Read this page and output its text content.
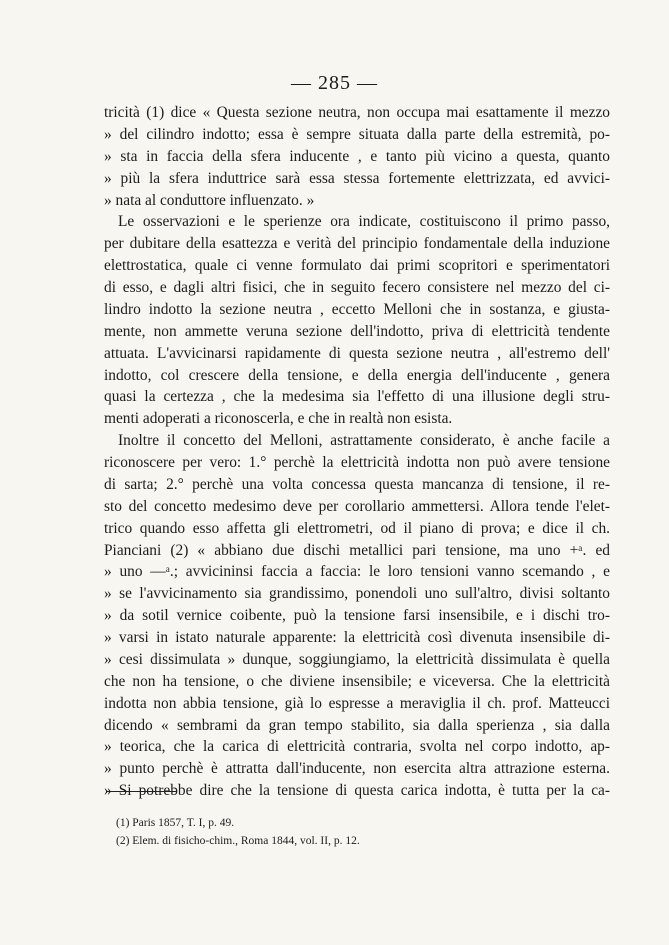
— 285 —
tricità (1) dice « Questa sezione neutra, non occupa mai esattamente il mezzo
» del cilindro indotto; essa è sempre situata dalla parte della estremità, po-
» sta in faccia della sfera inducente , e tanto più vicino a questa, quanto
» più la sfera induttrice sarà essa stessa fortemente elettrizzata, ed avvici-
» nata al conduttore influenzato. »
Le osservazioni e le sperienze ora indicate, costituiscono il primo passo,
per dubitare della esattezza e verità del principio fondamentale della induzione
elettrostatica, quale ci venne formulato dai primi scopritori e sperimentatori
di esso, e dagli altri fisici, che in seguito fecero consistere nel mezzo del ci-
lindro indotto la sezione neutra , eccetto Melloni che in sostanza, e giusta-
mente, non ammette veruna sezione dell'indotto, priva di elettricità tendente
attuata. L'avvicinarsi rapidamente di questa sezione neutra , all'estremo dell'
indotto, col crescere della tensione, e della energia dell'inducente , genera
quasi la certezza , che la medesima sia l'effetto di una illusione degli stru-
menti adoperati a riconoscerla, e che in realtà non esista.
Inoltre il concetto del Melloni, astrattamente considerato, è anche facile a
riconoscere per vero: 1.° perchè la elettricità indotta non può avere tensione
di sarta; 2.° perchè una volta concessa questa mancanza di tensione, il re-
sto del concetto medesimo deve per corollario ammettersi. Allora tende l'elet-
trico quando esso affetta gli elettrometri, od il piano di prova; e dice il ch.
Pianciani (2) « abbiano due dischi metallici pari tensione, ma uno +ᵃ. ed
» uno —ᵃ.; avvicininsi faccia a faccia: le loro tensioni vanno scemando , e
» se l'avvicinamento sia grandissimo, ponendoli uno sull'altro, divisi soltanto
» da sotil vernice coibente, può la tensione farsi insensibile, e i dischi tro-
» varsi in istato naturale apparente: la elettricità così divenuta insensibile di-
» cesi dissimulata » dunque, soggiungiamo, la elettricità dissimulata è quella
che non ha tensione, o che diviene insensibile; e viceversa. Che la elettricità
indotta non abbia tensione, già lo espresse a meraviglia il ch. prof. Matteucci
dicendo « sembrami da gran tempo stabilito, sia dalla sperienza , sia dalla
» teorica, che la carica di elettricità contraria, svolta nel corpo indotto, ap-
» punto perchè è attratta dall'inducente, non esercita altra attrazione esterna.
» Si potrebbe dire che la tensione di questa carica indotta, è tutta per la ca-
(1) Paris 1857, T. I, p. 49.
(2) Elem. di fisicho-chim., Roma 1844, vol. II, p. 12.
